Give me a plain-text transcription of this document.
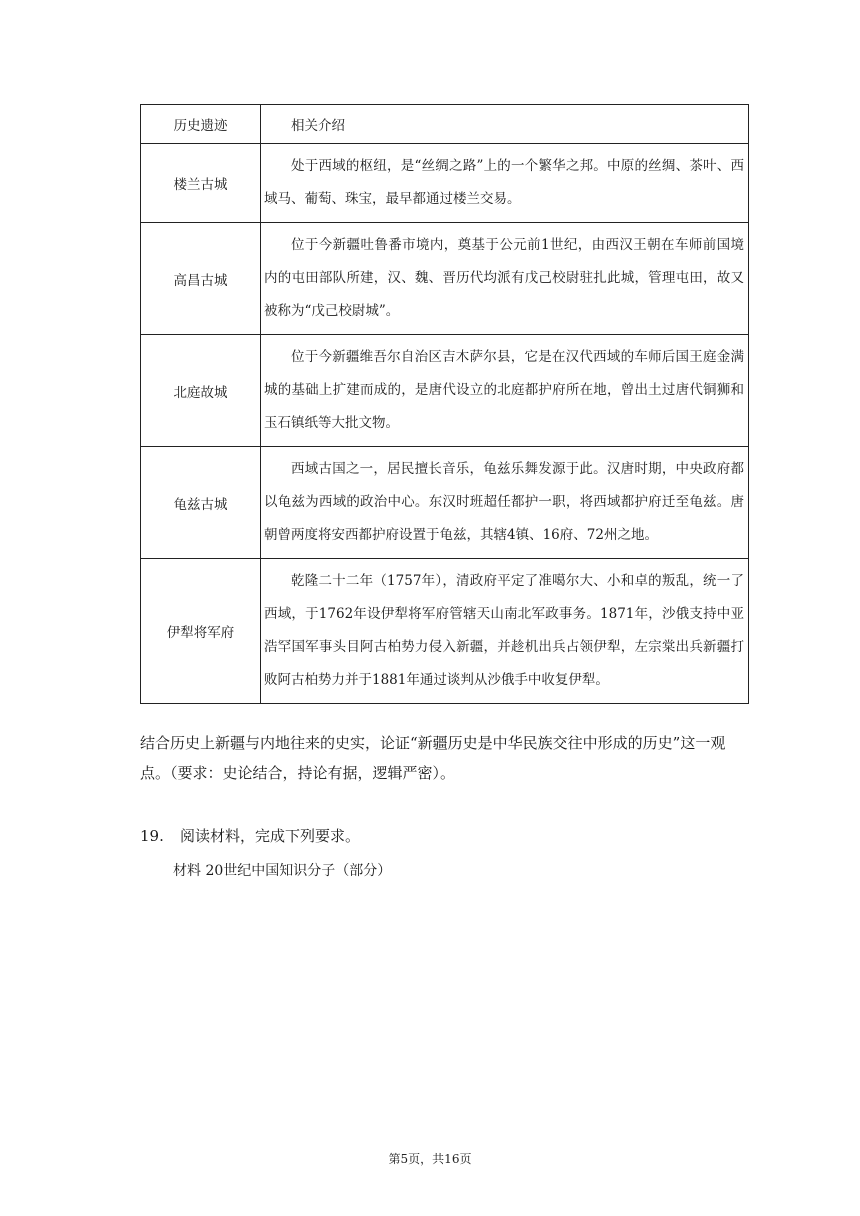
历史遗迹	相关介绍
楼兰古城	处于西域的枢纽，是“丝绸之路”上的一个繁华之邦。中原的丝绸、茶叶、西域马、葡萄、珠宝，最早都通过楼兰交易。
高昌古城	位于今新疆吐鲁番市境内，奠基于公元前1世纪，由西汉王朝在车师前国境内的屯田部队所建，汉、魏、晋历代均派有戊己校尉驻扎此城，管理屯田，故又被称为“戊己校尉城”。
北庭故城	位于今新疆维吾尔自治区吉木萨尔县，它是在汉代西域的车师后国王庭金满城的基础上扩建而成的，是唐代设立的北庭都护府所在地，曾出土过唐代铜狮和玉石镇纸等大批文物。
龟兹古城	西域古国之一，居民擅长音乐，龟兹乐舞发源于此。汉唐时期，中央政府都以龟兹为西域的政治中心。东汉时班超任都护一职，将西域都护府迁至龟兹。唐朝曾两度将安西都护府设置于龟兹，其辖4镇、16府、72州之地。
伊犁将军府	乾隆二十二年（1757年），清政府平定了准噶尔大、小和卓的叛乱，统一了西域，于1762年设伊犁将军府管辖天山南北军政事务。1871年，沙俄支持中亚浩罕国军事头目阿古柏势力侵入新疆，并趁机出兵占领伊犁，左宗棠出兵新疆打败阿古柏势力并于1881年通过谈判从沙俄手中收复伊犁。

结合历史上新疆与内地往来的史实，论证“新疆历史是中华民族交往中形成的历史”这一观点。（要求：史论结合，持论有据，逻辑严密）。

19. 阅读材料，完成下列要求。

材料 20世纪中国知识分子（部分）

第5页，共16页
